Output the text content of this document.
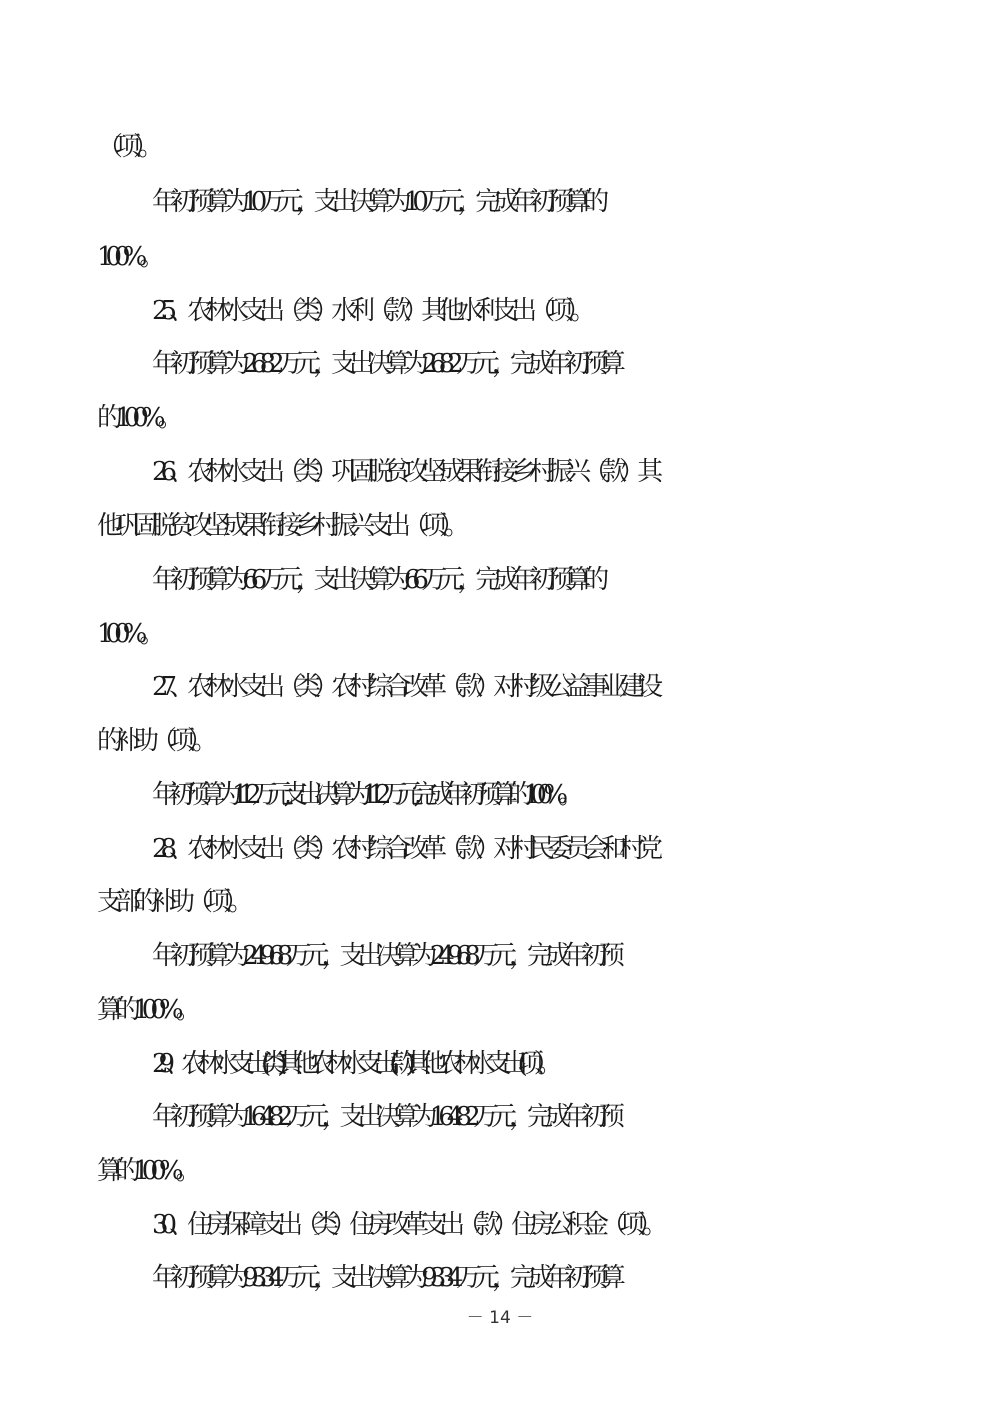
（项）。
年初预算为 10 万元，支出决算为 10 万元，完成年初预算的
100%。
25、农林水支出（类）水利（款）其他水利支出（项）。
年初预算为 26.82 万元，支出决算为 26.82 万元，完成年初预算
的 100%。
26、农林水支出（类）巩固脱贫攻坚成果衔接乡村振兴（款）其
他巩固脱贫攻坚成果衔接乡村振兴支出（项）。
年初预算为 66 万元，支出决算为 66 万元，完成年初预算的
100%。
27、农林水支出（类）农村综合改革（款）对村级公益事业建设
的补助（项）。
年初预算为112万元,支出决算为112万元,完成年初预算的100%。
28、农林水支出（类）农村综合改革（款）对村民委员会和村党
支部的补助（项）。
年初预算为 249.68 万元，支出决算为 249.68 万元，完成年初预
算的 100%。
29、农林水支出(类)其他农林水支出(款)其他农林水支出(项）。
年初预算为 164.82 万元，支出决算为 164.82 万元，完成年初预
算的 100%。
30、住房保障支出（类）住房改革支出（款）住房公积金（项）。
年初预算为 93.34 万元，支出决算为 93.34 万元，完成年初预算
－ 14 －
